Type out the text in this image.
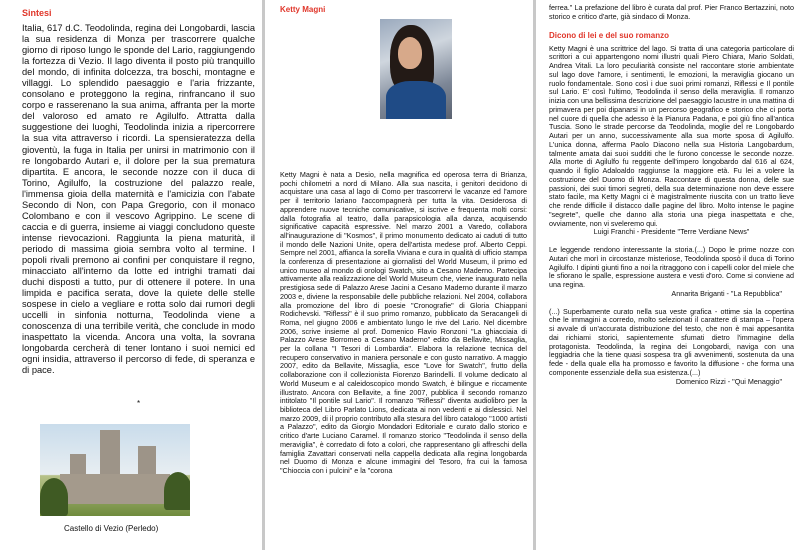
Sintesi

Italia, 617 d.C. Teodolinda, regina dei Longobardi, lascia la sua residenza di Monza per trascorrere qualche giorno di riposo lungo le sponde del Lario, raggiungendo la fortezza di Vezio. Il lago diventa il posto più tranquillo del mondo, di infinita dolcezza, tra boschi, montagne e villaggi. Lo splendido paesaggio e l'aria frizzante, consolano e proteggono la regina, rinfrancano il suo corpo e rasserenano la sua anima, affranta per la morte del valoroso ed amato re Agilulfo. Attratta dalla suggestione dei luoghi, Teodolinda inizia a ripercorrere la sua vita attraverso i ricordi. La spensieratezza della gioventù, la fuga in Italia per unirsi in matrimonio con il re longobardo Autari e, il dolore per la sua prematura dipartita. E ancora, le seconde nozze con il duca di Torino, Agilulfo, la costruzione del palazzo reale, l'immensa gioia della maternità e l'amicizia con l'abate Secondo di Non, con Papa Gregorio, con il monaco Colombano e con il vescovo Agrippino. Le scene di caccia e di guerra, insieme ai viaggi concludono queste intense rievocazioni. Raggiunta la piena maturità, il periodo di massima gioia sembra volto al termine. I popoli rivali premono ai confini per conquistare il regno, minacciato all'interno da lotte ed intrighi tramati dai duchi disposti a tutto, pur di ottenere il potere. In una limpida e pacifica serata, dove la quiete delle stelle sospese in cielo a vegliare e rotta solo dai rumori degli uccelli in sinfonia notturna, Teodolinda viene a conoscenza di una terribile verità, che conclude in modo inaspettato la vicenda. Ancora una volta, la sovrana longobarda cercherà di tener lontano i suoi nemici ed ogni insidia, attraverso il percorso di fede, di speranza e di pace.

*
Castello di Vezio (Perledo)
Ketty Magni

Ketty Magni è nata a Desio, nella magnifica ed operosa terra di Brianza, pochi chilometri a nord di Milano. Alla sua nascita, i genitori decidono di acquistare una casa al lago di Como per trascorrervi le vacanze ed l'amore per il territorio lariano l'accompagnerà per tutta la vita. Desiderosa di apprendere nuove tecniche comunicative, si iscrive e frequenta molti corsi: dalla fotografia al teatro, dalla parapsicologia alla danza, acquisendo significative capacità espressive. Nel marzo 2001 a Varedo, collabora all'inaugurazione di "Kosmos", il primo monumento dedicato ai caduti di tutto il mondo delle Nazioni Unite, opera dell'artista medese prof. Alberto Ceppi. Sempre nel 2001, affianca la sorella Viviana e cura in qualità di ufficio stampa la conferenza di presentazione ai giornalisti del World Museum, il primo ed unico museo al mondo di orologi Swatch, sito a Cesano Maderno. Partecipa attivamente alla realizzazione del World Museum che, viene inaugurato nella prestigiosa sede di Palazzo Arese Jacini a Cesano Maderno durante il marzo 2003 e, diviene la responsabile delle pubbliche relazioni. Nel 2004, collabora alla promozione del libro di poesie "Cronografie" di Gloria Chiappani Rodichevski. "Riflessi" è il suo primo romanzo, pubblicato da Seracangeli di Roma, nel giugno 2006 e ambientato lungo le rive del Lario. Nel dicembre 2006, scrive insieme al prof. Domenico Flavio Ronzoni "La ghiacciaia di Palazzo Arese Borromeo a Cesano Maderno" edito da Bellavite, Missaglia, per la collana "I Tesori di Lombardia". Elabora la relazione tecnica del recupero conservativo in maniera personale e con gusto narrativo. A maggio 2007, edito da Bellavite, Missaglia, esce "Love for Swatch", frutto della collaborazione con il collezionista Fiorenzo Barindelli. Il volume dedicato al World Museum e al caleidoscopico mondo Swatch, è bilingue e riccamente illustrato. Ancora con Bellavite, a fine 2007, pubblica il secondo romanzo intitolato "Il pontile sul Lario". Il romanzo "Riflessi" diventa audiolibro per la biblioteca del Libro Parlato Lions, dedicata ai non vedenti e ai dislessici. Nel marzo 2009, di il proprio contributo alla stesura del libro catalogo "1000 artisti a Palazzo", edito da Giorgio Mondadori Editoriale e curato dallo storico e critico d'arte Luciano Caramel. Il romanzo storico "Teodolinda il senso della meraviglia", è corredato di foto a colori, che rappresentano gli affreschi della famiglia Zavattari conservati nella cappella dedicata alla regina longobarda nel Duomo di Monza e alcune immagini del Tesoro, fra cui la famosa "Chioccia con i pulcini" e la "corona

ferrea." La prefazione del libro è curata dal prof. Pier Franco Bertazzini, noto storico e critico d'arte, già sindaco di Monza.

Dicono di lei e del suo romanzo

Ketty Magni è una scrittrice del lago. Si tratta di una categoria particolare di scrittori a cui appartengono nomi illustri quali Piero Chiara, Mario Soldati, Andrea Vitali. La loro peculiarità consiste nel raccontare storie ambientate sul lago dove l'amore, i sentimenti, le emozioni, la meraviglia giocano un ruolo fondamentale. Sono così i due suoi primi romanzi, Riflessi e Il pontile sul Lario. E' così l'ultimo, Teodolinda il senso della meraviglia. Il romanzo inizia con una bellissima descrizione del paesaggio lacustre in una mattina di primavera per poi dipanarsi in un percorso geografico e storico che ci porta nel cuore di quella che adesso è la Pianura Padana, e poi giù fino all'antica Tuscia. Sono le strade percorse da Teodolinda, moglie del re Longobardo Autari per un anno, successivamente alla sua morte sposa di Agilulfo. L'unica donna, afferma Paolo Diacono nella sua Historia Langobardum, talmente amata dai suoi sudditi che le furono concesse le seconde nozze. Alla morte di Agilulfo fu reggente dell'impero longobardo dal 616 al 624, quando il figlio Adaloaldo raggiunse la maggiore età. Fu lei a volere la costruzione del Duomo di Monza. Raccontare di questa donna, delle sue passioni, dei suoi timori segreti, della sua determinazione non deve essere stato facile, ma Ketty Magni ci è magistralmente riuscita con un tratto lieve che rende difficile il distacco dalle pagine del libro. Molto intense le pagine "segrete", quelle che danno alla storia una piega inaspettata e che, ovviamente, non vi sveleremo qui.

Luigi Franchi - Presidente "Terre Verdiane News"

Le leggende rendono interessante la storia.(...) Dopo le prime nozze con Autari che morì in circostanze misteriose, Teodolinda sposò il duca di Torino Agilulfo. I dipinti giunti fino a noi la ritraggono con i capelli color del miele che le sfiorano le spalle, espressione austera e vesti d'oro. Come si conviene ad una regina.

Annarita Briganti - "La Repubblica"

(...) Superbamente curato nella sua veste grafica - ottime sia la copertina che le immagini a corredo, molto selezionati il carattere di stampa – l'opera si avvale di un'accurata distribuzione del testo, che non è mai appesantita dai richiami storici, sapientemente sfumati dietro l'immagine della protagonista. Teodolinda, la regina dei Longobardi, navigа con una leggiadria che la tiene quasi sospesa tra gli avvenimenti, sostenuta da una fede - della quale ella ha promosso e favorito la diffusione - che forma una componente essenziale della sua esistenza.(...)

Domenico Rizzi - "Qui Menaggio"
